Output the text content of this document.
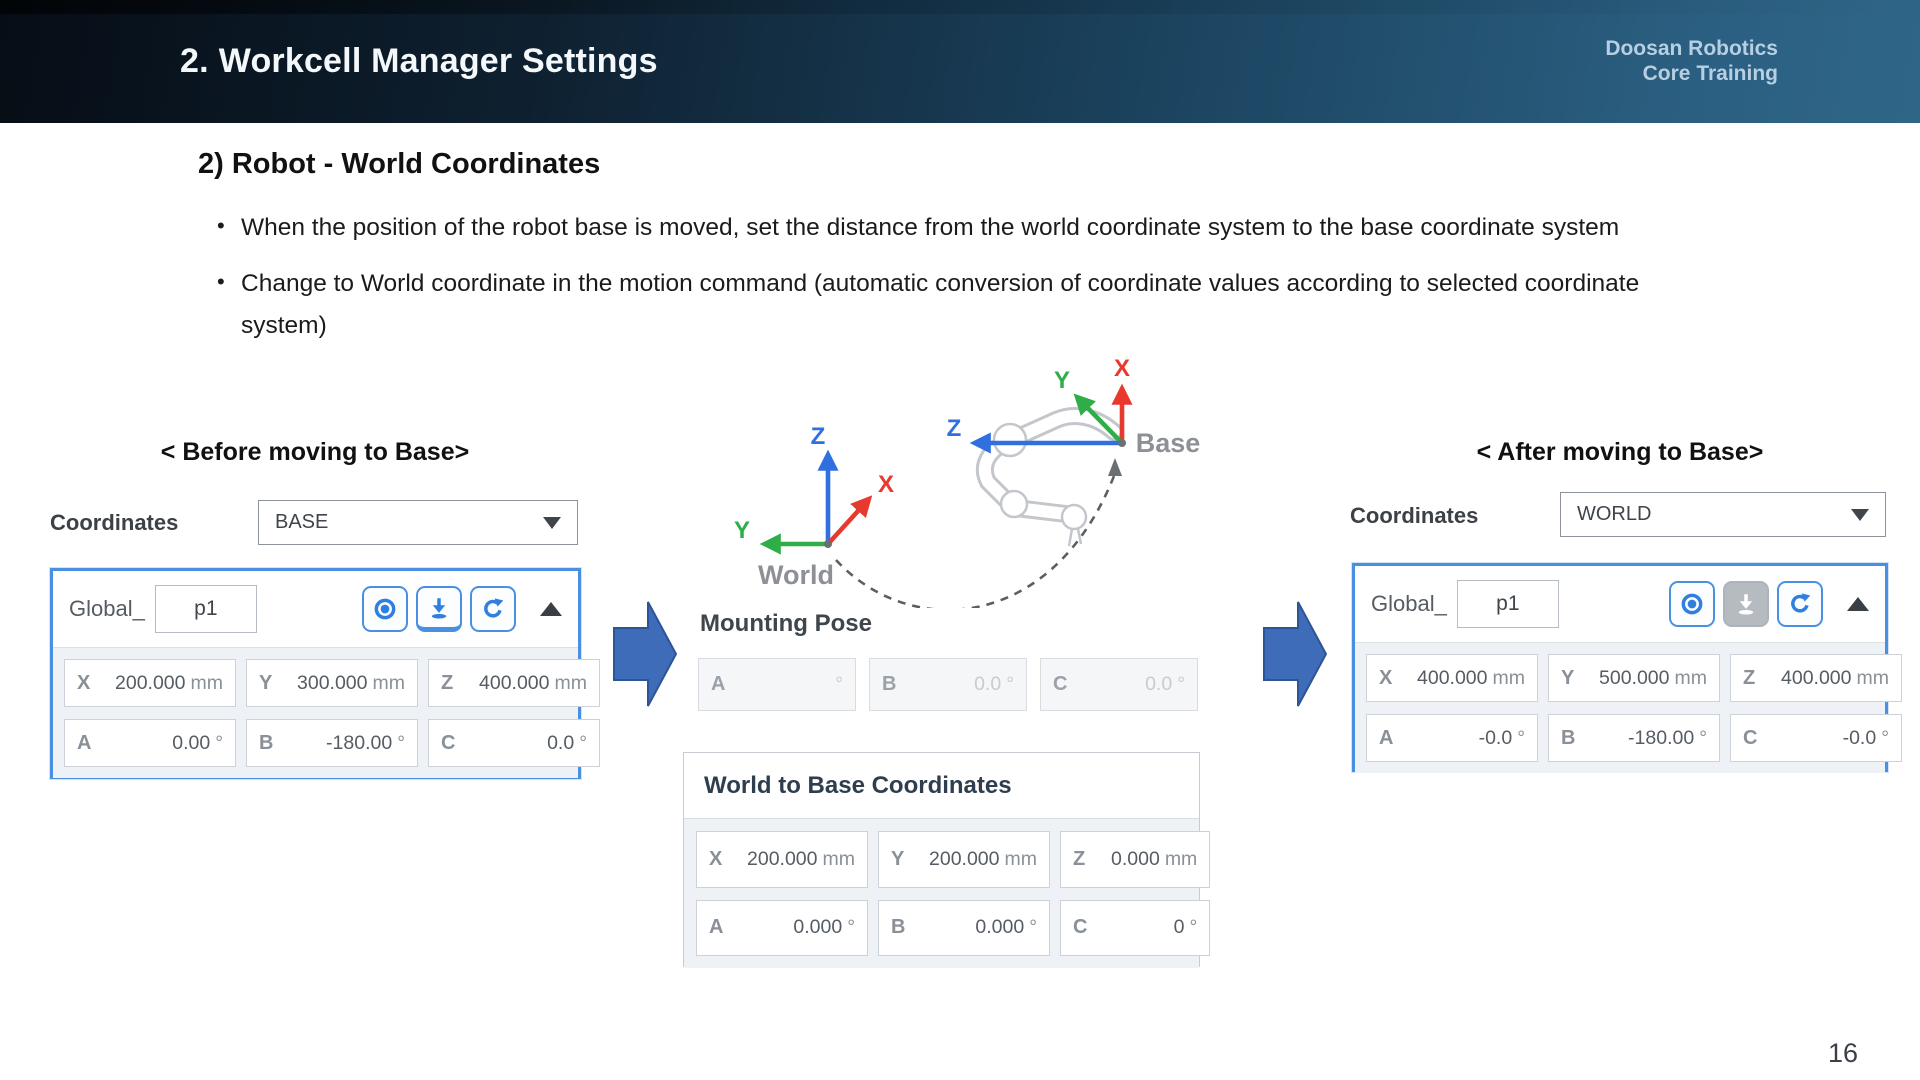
2. Workcell Manager Settings	Doosan Robotics
Core Training
2) Robot - World Coordinates
• When the position of the robot base is moved, set the distance from the world coordinate system to the base coordinate system
• Change to World coordinate in the motion command (automatic conversion of coordinate values according to selected coordinate system)
< Before moving to Base>
Coordinates	BASE
Global_	p1
X	200.000 mm	Y	300.000 mm	Z	400.000 mm
A	0.00 °	B	-180.00 °	C	0.0 °
Z
X
Y
World
X
Y
Z	Base
Mounting Pose
A	°	B	0.0 °	C	0.0 °
World to Base Coordinates
X	200.000 mm	Y	200.000 mm	Z	0.000 mm
A	0.000 °	B	0.000 °	C	0 °
< After moving to Base>
Coordinates	WORLD
Global_	p1
X	400.000 mm	Y	500.000 mm	Z	400.000 mm
A	-0.0 °	B	-180.00 °	C	-0.0 °
16
